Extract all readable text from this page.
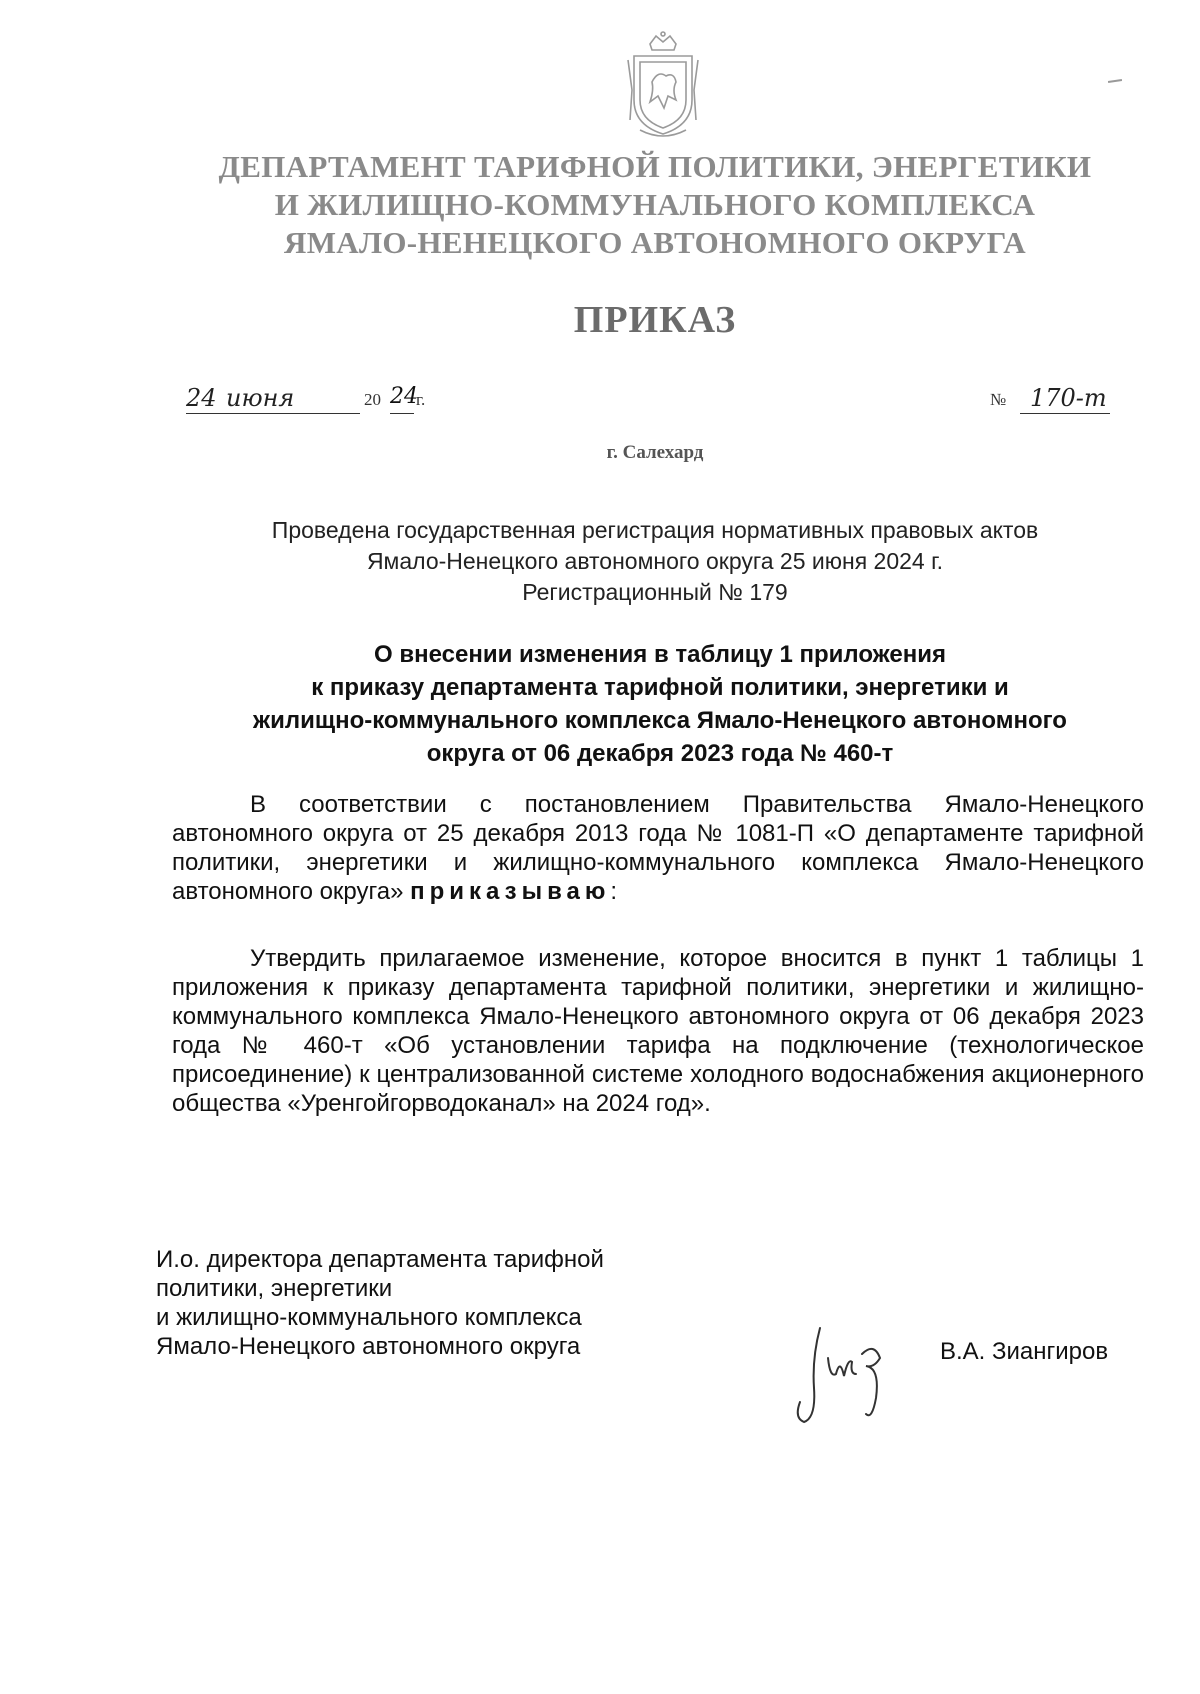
ДЕПАРТАМЕНТ ТАРИФНОЙ ПОЛИТИКИ, ЭНЕРГЕТИКИ
И ЖИЛИЩНО-КОММУНАЛЬНОГО КОМПЛЕКСА
ЯМАЛО-НЕНЕЦКОГО АВТОНОМНОГО ОКРУГА
ПРИКАЗ
24 июня	20 24
г.	№ 170-т
г. Салехард
Проведена государственная регистрация нормативных правовых актов
Ямало-Ненецкого автономного округа 25 июня 2024 г.
Регистрационный № 179
О внесении изменения в таблицу 1 приложения
к приказу департамента тарифной политики, энергетики и
жилищно-коммунального комплекса Ямало-Ненецкого автономного
округа от 06 декабря 2023 года № 460-т
В соответствии с постановлением Правительства Ямало-Ненецкого автономного округа от 25 декабря 2013 года № 1081-П «О департаменте тарифной политики, энергетики и жилищно-коммунального комплекса Ямало-Ненецкого автономного округа» приказываю:
Утвердить прилагаемое изменение, которое вносится в пункт 1 таблицы 1 приложения к приказу департамента тарифной политики, энергетики и жилищно-коммунального комплекса Ямало-Ненецкого автономного округа от 06 декабря 2023 года № 460-т «Об установлении тарифа на подключение (технологическое присоединение) к централизованной системе холодного водоснабжения акционерного общества «Уренгойгорводоканал» на 2024 год».
И.о. директора департамента тарифной
политики, энергетики
и жилищно-коммунального комплекса
Ямало-Ненецкого автономного округа	В.А. Зиангиров
